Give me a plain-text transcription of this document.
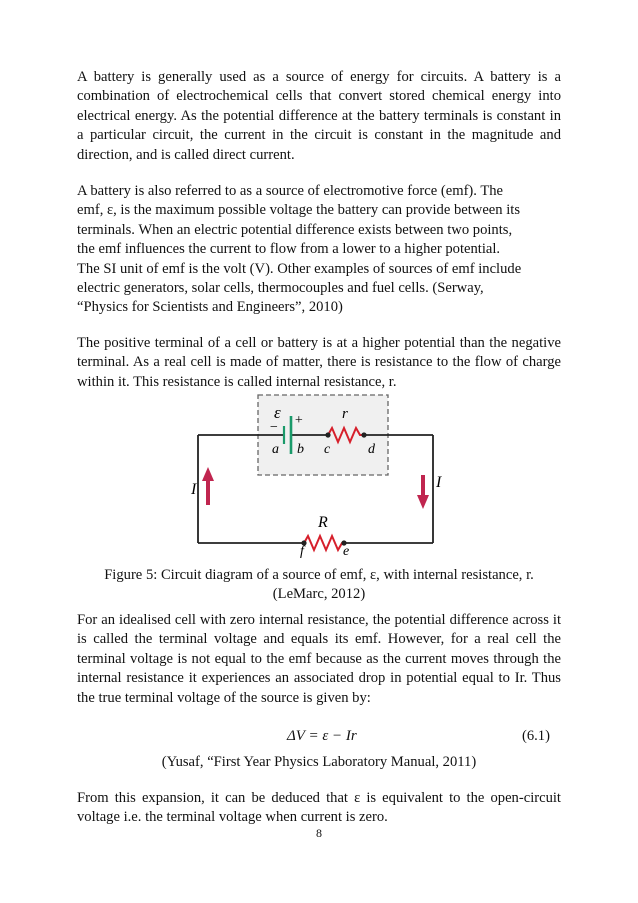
A battery is generally used as a source of energy for circuits. A battery is a combination of electrochemical cells that convert stored chemical energy into electrical energy. As the potential difference at the battery terminals is constant in a particular circuit, the current in the circuit is constant in the magnitude and direction, and is called direct current.

A battery is also referred to as a source of electromotive force (emf). The
emf, ε, is the maximum possible voltage the battery can provide between its
terminals. When an electric potential difference exists between two points,
the emf influences the current to flow from a lower to a higher potential.
The SI unit of emf is the volt (V). Other examples of sources of emf include
electric generators, solar cells, thermocouples and fuel cells. (Serway,
“Physics for Scientists and Engineers”, 2010)

The positive terminal of a cell or battery is at a higher potential than the negative terminal. As a real cell is made of matter, there is resistance to the flow of charge within it. This resistance is called internal resistance, r.

ε
− +
a b c	d
r
R
f	e
I	I

Figure 5: Circuit diagram of a source of emf, ε, with internal resistance, r.

(LeMarc, 2012)

For an idealised cell with zero internal resistance, the potential difference across it is called the terminal voltage and equals its emf. However, for a real cell the terminal voltage is not equal to the emf because as the current moves through the internal resistance it experiences an associated drop in potential equal to Ir. Thus the true terminal voltage of the source is given by:

ΔV = ε − Ir	(6.1)
(Yusaf, “First Year Physics Laboratory Manual, 2011)

From this expansion, it can be deduced that ε is equivalent to the open-circuit voltage i.e. the terminal voltage when current is zero.

8
